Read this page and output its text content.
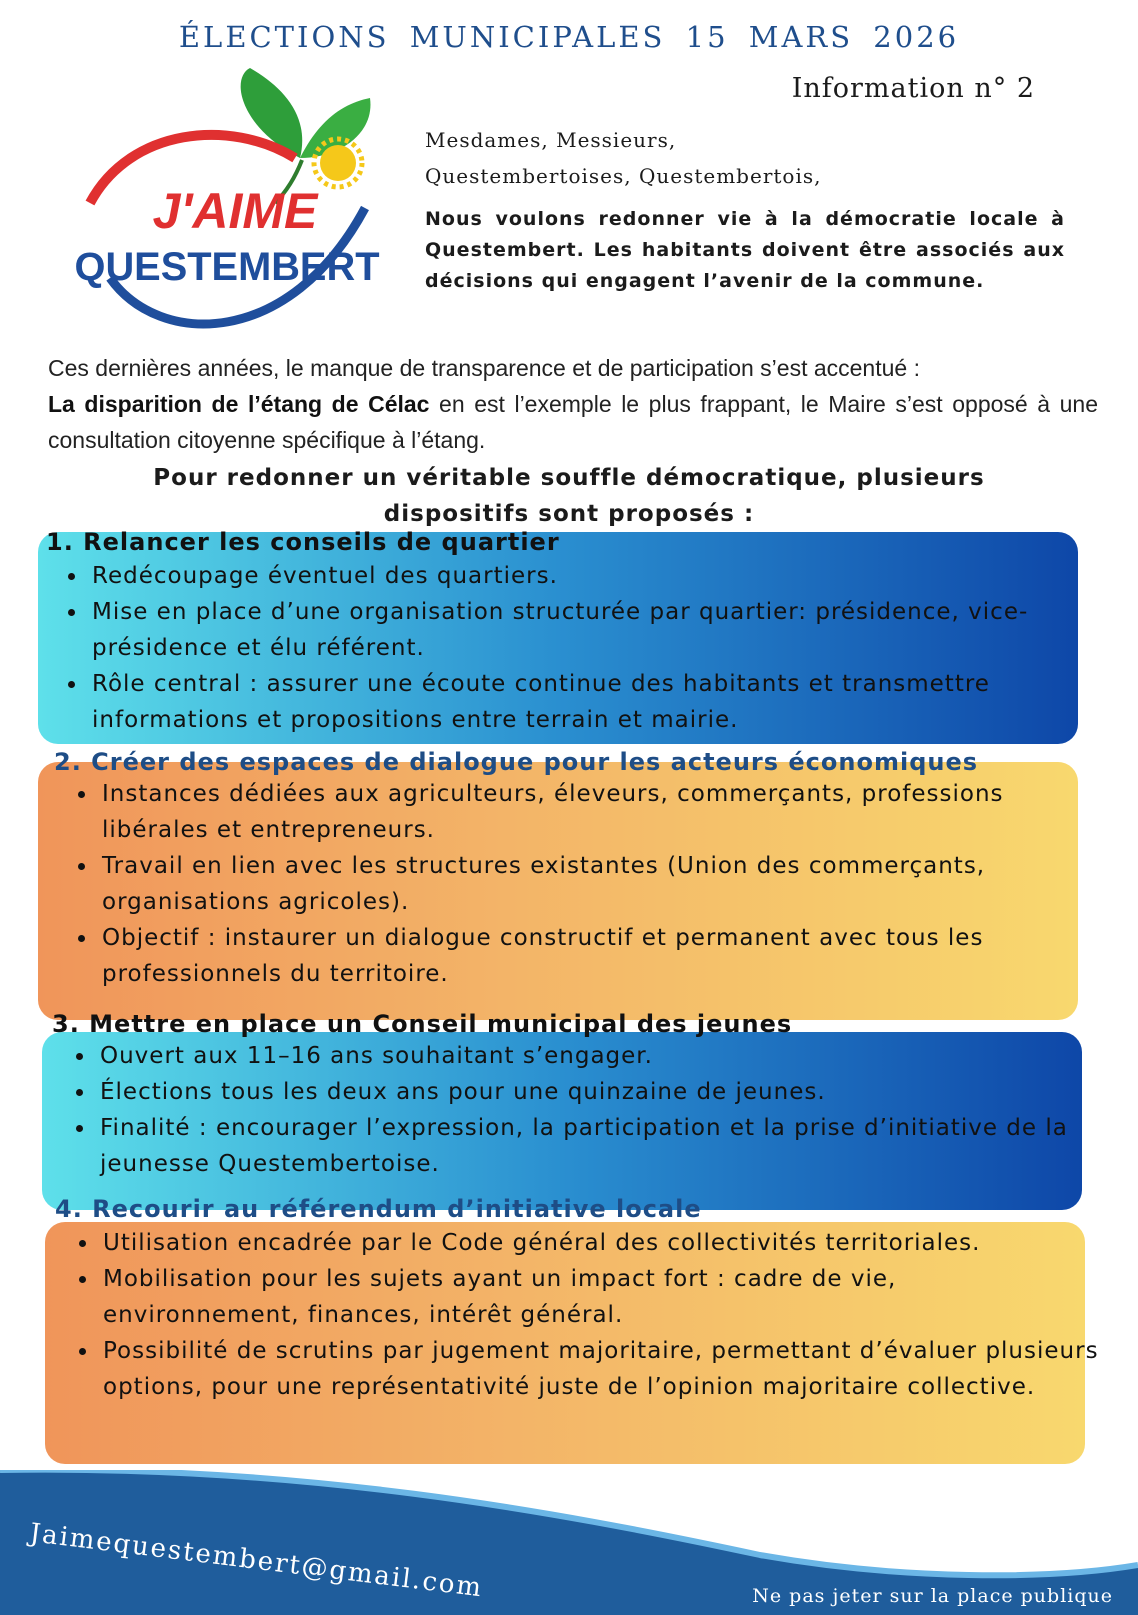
ÉLECTIONS MUNICIPALES 15 MARS 2026
Information n° 2
J'AIME
QUESTEMBERT
Mesdames, Messieurs,
Questembertoises, Questembertois,
Nous voulons redonner vie à la démocratie locale à Questembert. Les habitants doivent être associés aux décisions qui engagent l’avenir de la commune.
Ces dernières années, le manque de transparence et de participation s’est accentué :
La disparition de l’étang de Célac en est l’exemple le plus frappant, le Maire s’est opposé à une consultation citoyenne spécifique à l’étang.
Pour redonner un véritable souffle démocratique, plusieurs
dispositifs sont proposés :
1. Relancer les conseils de quartier
• Redécoupage éventuel des quartiers.
• Mise en place d’une organisation structurée par quartier: présidence, vice-présidence et élu référent.
• Rôle central : assurer une écoute continue des habitants et transmettre informations et propositions entre terrain et mairie.
2. Créer des espaces de dialogue pour les acteurs économiques
• Instances dédiées aux agriculteurs, éleveurs, commerçants, professions libérales et entrepreneurs.
• Travail en lien avec les structures existantes (Union des commerçants, organisations agricoles).
• Objectif : instaurer un dialogue constructif et permanent avec tous les professionnels du territoire.
3. Mettre en place un Conseil municipal des jeunes
• Ouvert aux 11–16 ans souhaitant s’engager.
• Élections tous les deux ans pour une quinzaine de jeunes.
• Finalité : encourager l’expression, la participation et la prise d’initiative de la jeunesse Questembertoise.
4. Recourir au référendum d’initiative locale
• Utilisation encadrée par le Code général des collectivités territoriales.
• Mobilisation pour les sujets ayant un impact fort : cadre de vie, environnement, finances, intérêt général.
• Possibilité de scrutins par jugement majoritaire, permettant d’évaluer plusieurs options, pour une représentativité juste de l’opinion majoritaire collective.
Jaimequestembert@gmail.com	Ne pas jeter sur la place publique
